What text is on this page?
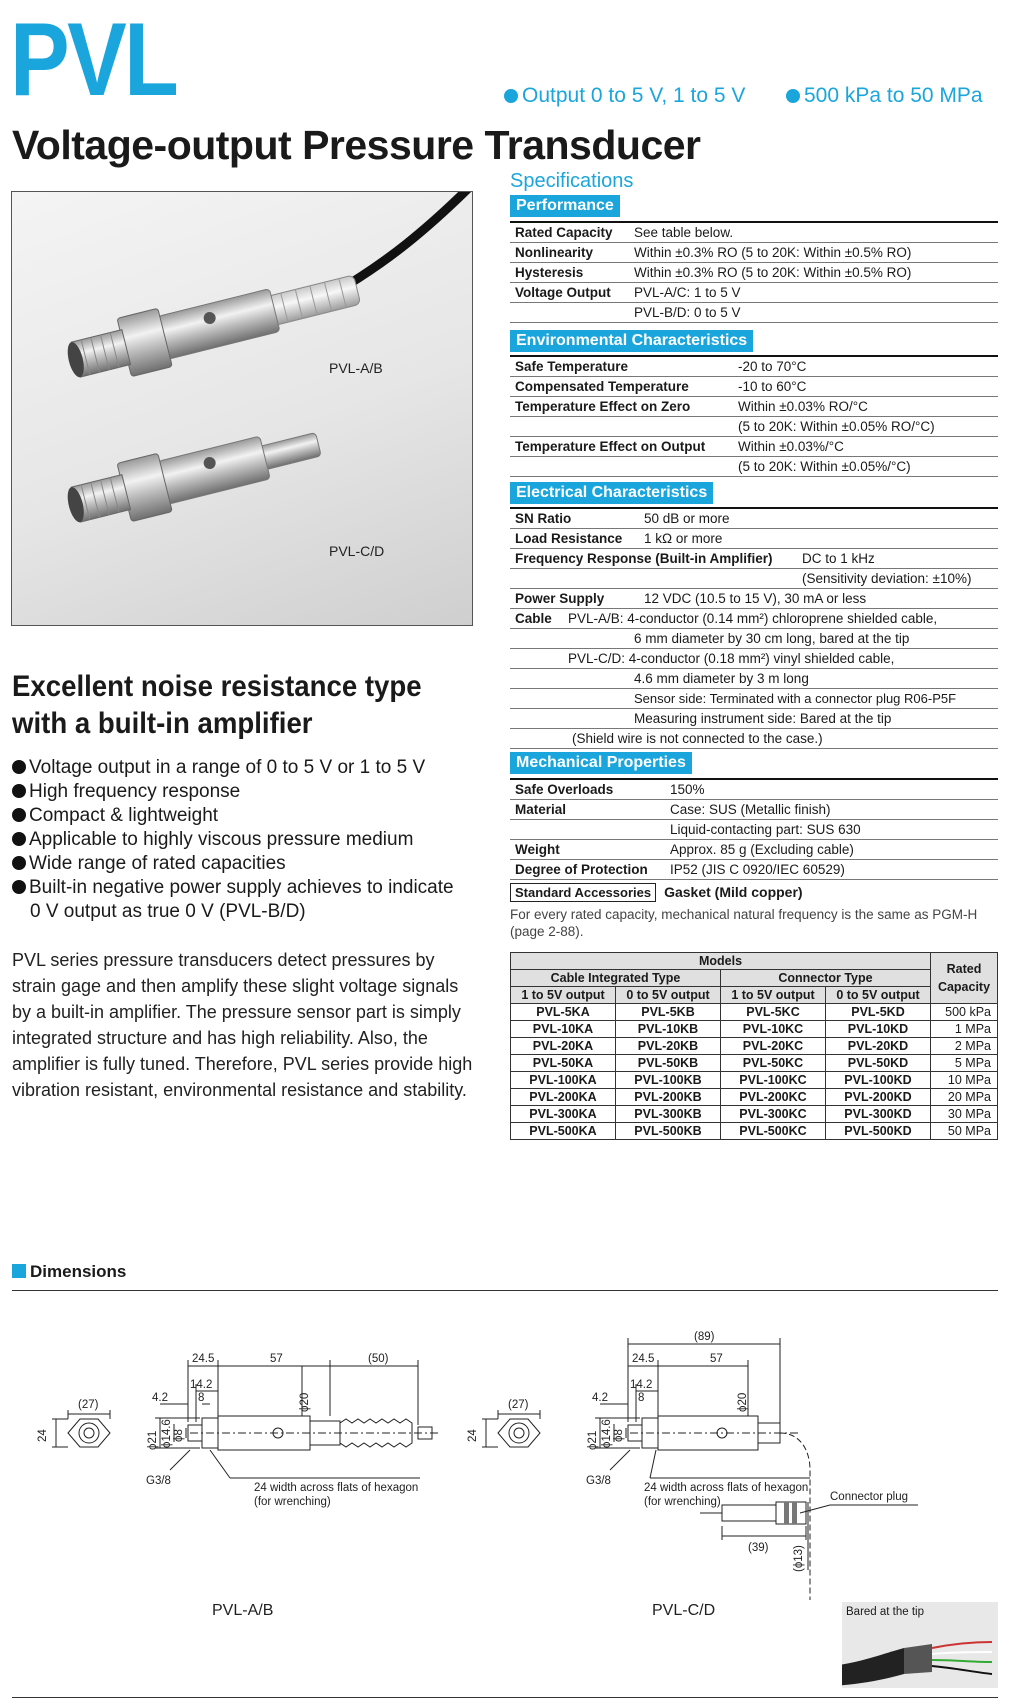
PVL	Output 0 to 5 V, 1 to 5 V	500 kPa to 50 MPa
Voltage-output Pressure Transducer
PVL-A/B
PVL-C/D
Excellent noise resistance type
with a built-in amplifier
Voltage output in a range of 0 to 5 V or 1 to 5 V
High frequency response
Compact & lightweight
Applicable to highly viscous pressure medium
Wide range of rated capacities
Built-in negative power supply achieves to indicate
0 V output as true 0 V (PVL-B/D)
PVL series pressure transducers detect pressures by strain gage and then amplify these slight voltage signals by a built-in amplifier. The pressure sensor part is simply integrated structure and has high reliability. Also, the amplifier is fully tuned. Therefore, PVL series provide high vibration resistant, environmental resistance and stability.
Specifications
Performance
Rated Capacity See table below.
Nonlinearity	Within ±0.3% RO (5 to 20K: Within ±0.5% RO)
Hysteresis	Within ±0.3% RO (5 to 20K: Within ±0.5% RO)
Voltage Output PVL-A/C: 1 to 5 V
PVL-B/D: 0 to 5 V
Environmental Characteristics
Safe Temperature	-20 to 70°C
Compensated Temperature	-10 to 60°C
Temperature Effect on Zero	Within ±0.03% RO/°C
(5 to 20K: Within ±0.05% RO/°C)
Temperature Effect on Output Within ±0.03%/°C
(5 to 20K: Within ±0.05%/°C)
Electrical Characteristics
SN Ratio	50 dB or more
Load Resistance 1 kΩ or more
Frequency Response (Built-in Amplifier) DC to 1 kHz
(Sensitivity deviation: ±10%)
Power Supply	12 VDC (10.5 to 15 V), 30 mA or less
Cable PVL-A/B: 4-conductor (0.14 mm²) chloroprene shielded cable,
6 mm diameter by 30 cm long, bared at the tip
PVL-C/D: 4-conductor (0.18 mm²) vinyl shielded cable,
4.6 mm diameter by 3 m long
Sensor side: Terminated with a connector plug R06-P5F
Measuring instrument side: Bared at the tip
(Shield wire is not connected to the case.)
Mechanical Properties
Safe Overloads	150%
Material	Case: SUS (Metallic finish)
Liquid-contacting part: SUS 630
Weight	Approx. 85 g (Excluding cable)
Degree of Protection IP52 (JIS C 0920/IEC 60529)
Standard Accessories Gasket (Mild copper)
For every rated capacity, mechanical natural frequency is the same as PGM-H (page 2-88).
Models				Rated Capacity
Cable Integrated Type		Connector Type		
1 to 5V output	0 to 5V output	1 to 5V output	0 to 5V output	
PVL-5KA	PVL-5KB	PVL-5KC	PVL-5KD	500 kPa
PVL-10KA	PVL-10KB	PVL-10KC	PVL-10KD	1 MPa
PVL-20KA	PVL-20KB	PVL-20KC	PVL-20KD	2 MPa
PVL-50KA	PVL-50KB	PVL-50KC	PVL-50KD	5 MPa
PVL-100KA	PVL-100KB	PVL-100KC	PVL-100KD	10 MPa
PVL-200KA	PVL-200KB	PVL-200KC	PVL-200KD	20 MPa
PVL-300KA	PVL-300KB	PVL-300KC	PVL-300KD	30 MPa
PVL-500KA	PVL-500KB	PVL-500KC	PVL-500KD	50 MPa
Dimensions
(27)
24
24.5	57	(50)
14.2
4.2	8	ϕ20
ϕ21 ϕ14.6 ϕ8
G3/8
24 width across flats of hexagon
(for wrenching)
(27)
24
(89)
24.5	57
14.2
4.2	8	ϕ20
ϕ21 ϕ14.6 ϕ8
G3/8
24 width across flats of hexagon
(for wrenching)	Connector plug
(39) (ϕ13)
PVL-A/B	PVL-C/D	Bared at the tip
